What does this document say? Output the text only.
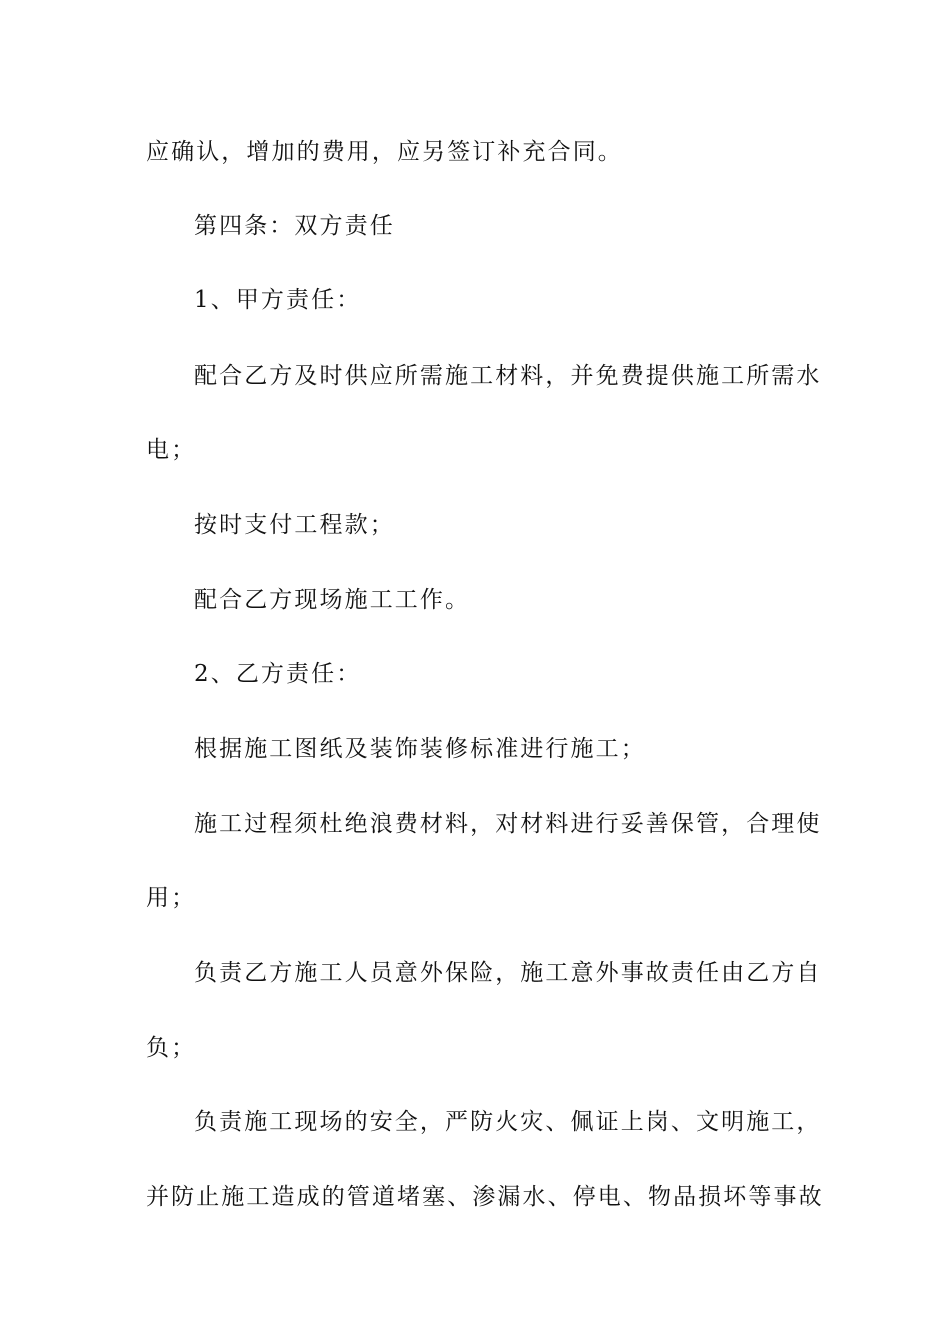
应确认，增加的费用，应另签订补充合同。
第四条：双方责任
1、甲方责任：
配合乙方及时供应所需施工材料，并免费提供施工所需水
电；
按时支付工程款；
配合乙方现场施工工作。
2、乙方责任：
根据施工图纸及装饰装修标准进行施工；
施工过程须杜绝浪费材料，对材料进行妥善保管，合理使
用；
负责乙方施工人员意外保险，施工意外事故责任由乙方自
负；
负责施工现场的安全，严防火灾、佩证上岗、文明施工，
并防止施工造成的管道堵塞、渗漏水、停电、物品损坏等事故
